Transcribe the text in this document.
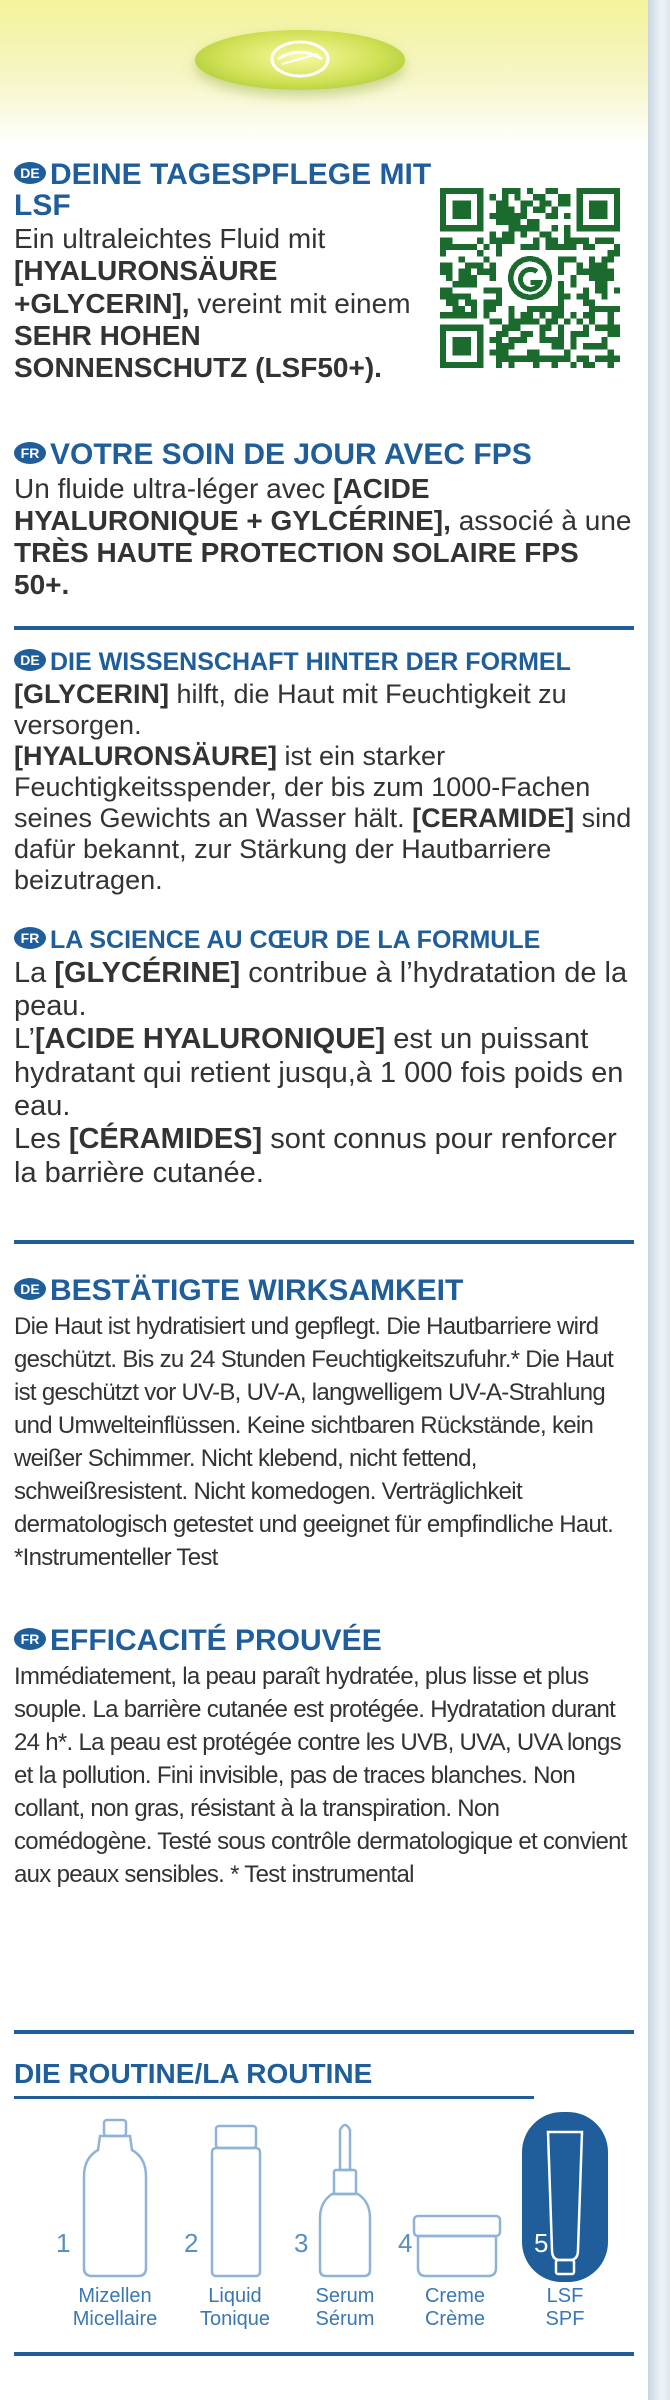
DE DEINE TAGESPFLEGE MIT LSF

Ein ultraleichtes Fluid mit [HYALURONSÄURE +GLYCERIN], vereint mit einem SEHR HOHEN SONNENSCHUTZ (LSF50+).

FR VOTRE SOIN DE JOUR AVEC FPS

Un fluide ultra-léger avec [ACIDE HYALURONIQUE + GYLCÉRINE], associé à une TRÈS HAUTE PROTECTION SOLAIRE FPS 50+.

DE DIE WISSENSCHAFT HINTER DER FORMEL

[GLYCERIN] hilft, die Haut mit Feuchtigkeit zu versorgen.
[HYALURONSÄURE] ist ein starker Feuchtigkeitsspender, der bis zum 1000-Fachen seines Gewichts an Wasser hält. [CERAMIDE] sind dafür bekannt, zur Stärkung der Hautbarriere beizutragen.

FR LA SCIENCE AU CŒUR DE LA FORMULE

La [GLYCÉRINE] contribue à l’hydratation de la peau.
L’[ACIDE HYALURONIQUE] est un puissant hydratant qui retient jusqu,à 1 000 fois poids en eau.
Les [CÉRAMIDES] sont connus pour renforcer la barrière cutanée.

DE BESTÄTIGTE WIRKSAMKEIT

Die Haut ist hydratisiert und gepflegt. Die Hautbarriere wird geschützt. Bis zu 24 Stunden Feuchtigkeitszufuhr.* Die Haut ist geschützt vor UV-B, UV-A, langwelligem UV-A-Strahlung und Umwelteinflüssen. Keine sichtbaren Rückstände, kein weißer Schimmer. Nicht klebend, nicht fettend, schweißresistent. Nicht komedogen. Verträglichkeit dermatologisch getestet und geeignet für empfindliche Haut. *Instrumenteller Test

FR EFFICACITÉ PROUVÉE

Immédiatement, la peau paraît hydratée, plus lisse et plus souple. La barrière cutanée est protégée. Hydratation durant 24 h*. La peau est protégée contre les UVB, UVA, UVA longs et la pollution. Fini invisible, pas de traces blanches. Non collant, non gras, résistant à la transpiration. Non comédogène. Testé sous contrôle dermatologique et convient aux peaux sensibles. * Test instrumental

DIE ROUTINE/LA ROUTINE

1
Mizellen
Micellaire
2
Liquid
Tonique
3
Serum
Sérum
4
Creme
Crème
5
LSF
SPF
